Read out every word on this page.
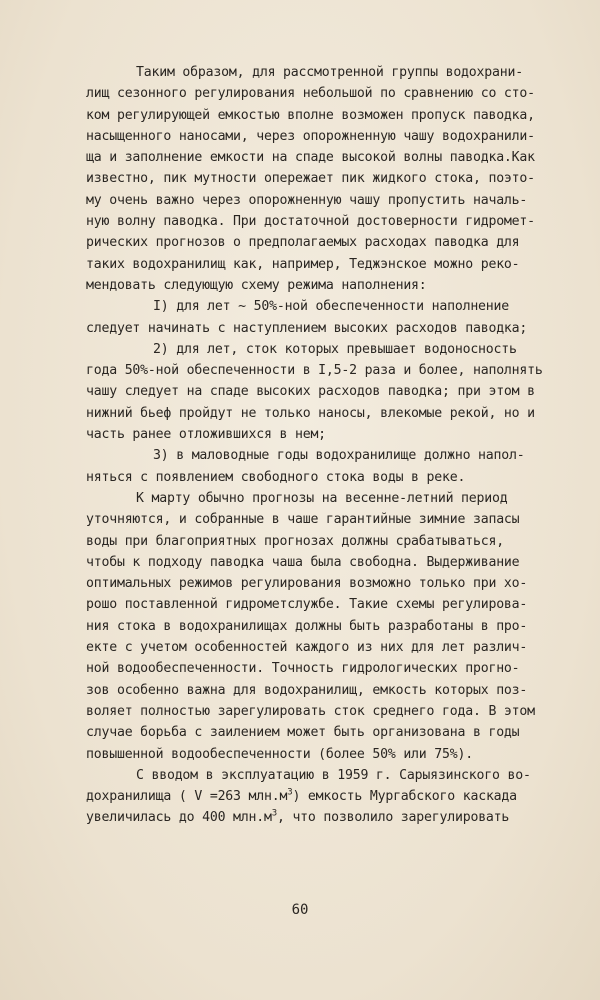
Таким образом, для рассмотренной группы водохрани-
лищ сезонного регулирования небольшой по сравнению со сто-
ком регулирующей емкостью вполне возможен пропуск паводка,
насыщенного наносами, через опорожненную чашу водохранили-
ща и заполнение емкости на спаде высокой волны паводка.Как
известно, пик мутности опережает пик жидкого стока, поэто-
му очень важно через опорожненную чашу пропустить началь-
ную волну паводка. При достаточной достоверности гидромет-
рических прогнозов о предполагаемых расходах паводка для
таких водохранилищ как, например, Теджэнское можно реко-
мендовать следующую схему режима наполнения:
I) для лет ~ 50%-ной обеспеченности наполнение
следует начинать с наступлением высоких расходов паводка;
2) для лет, сток которых превышает водоносность
года 50%-ной обеспеченности в I,5-2 раза и более, наполнять
чашу следует на спаде высоких расходов паводка; при этом в
нижний бьеф пройдут не только наносы, влекомые рекой, но и
часть ранее отложившихся в нем;
3) в маловодные годы водохранилище должно напол-
няться с появлением свободного стока воды в реке.
К марту обычно прогнозы на весенне-летний период
уточняются, и собранные в чаше гарантийные зимние запасы
воды при благоприятных прогнозах должны срабатываться,
чтобы к подходу паводка чаша была свободна. Выдерживание
оптимальных режимов регулирования возможно только при хо-
рошо поставленной гидрометслужбе. Такие схемы регулирова-
ния стока в водохранилищах должны быть разработаны в про-
екте с учетом особенностей каждого из них для лет различ-
ной водообеспеченности. Точность гидрологических прогно-
зов особенно важна для водохранилищ, емкость которых поз-
воляет полностью зарегулировать сток среднего года. В этом
случае борьба с заилением может быть организована в годы
повышенной водообеспеченности (более 50% или 75%).
С вводом в эксплуатацию в 1959 г. Сарыязинского во-
дохранилища ( V =263 $млн.м^3$) емкость Мургабского каскада
увеличилась до 400 $млн.м^3$, что позволило зарегулировать
60
